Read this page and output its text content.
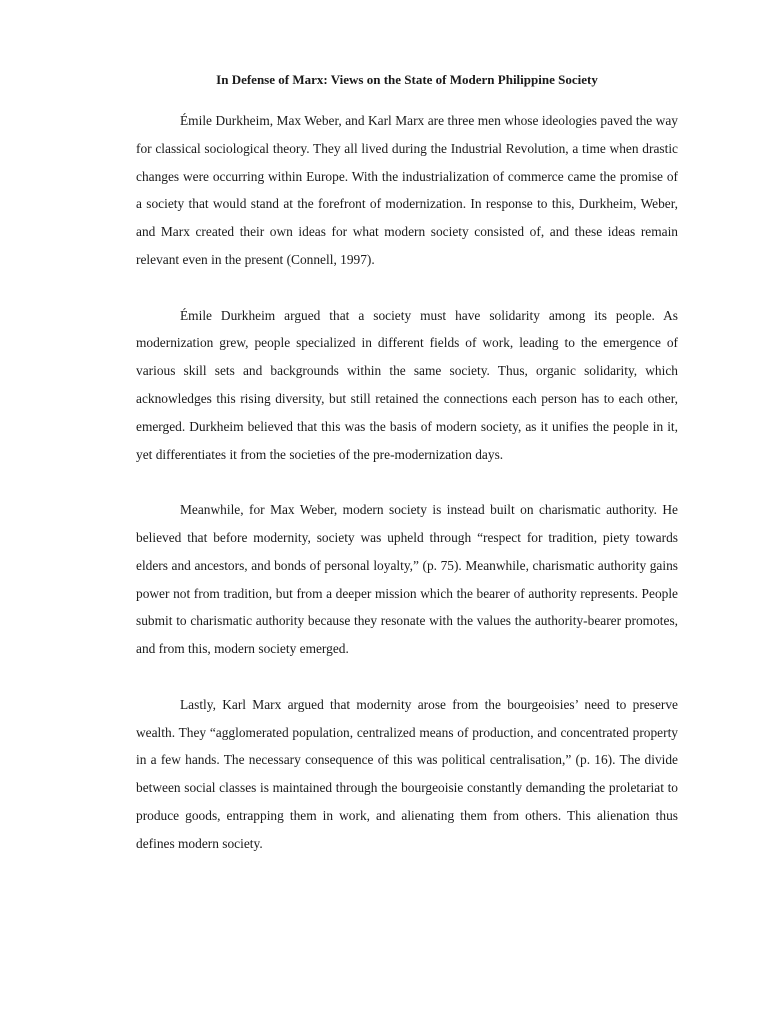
In Defense of Marx: Views on the State of Modern Philippine Society

Émile Durkheim, Max Weber, and Karl Marx are three men whose ideologies paved the way for classical sociological theory. They all lived during the Industrial Revolution, a time when drastic changes were occurring within Europe. With the industrialization of commerce came the promise of a society that would stand at the forefront of modernization. In response to this, Durkheim, Weber, and Marx created their own ideas for what modern society consisted of, and these ideas remain relevant even in the present (Connell, 1997).

Émile Durkheim argued that a society must have solidarity among its people. As modernization grew, people specialized in different fields of work, leading to the emergence of various skill sets and backgrounds within the same society. Thus, organic solidarity, which acknowledges this rising diversity, but still retained the connections each person has to each other, emerged. Durkheim believed that this was the basis of modern society, as it unifies the people in it, yet differentiates it from the societies of the pre-modernization days.

Meanwhile, for Max Weber, modern society is instead built on charismatic authority. He believed that before modernity, society was upheld through “respect for tradition, piety towards elders and ancestors, and bonds of personal loyalty,” (p. 75). Meanwhile, charismatic authority gains power not from tradition, but from a deeper mission which the bearer of authority represents. People submit to charismatic authority because they resonate with the values the authority-bearer promotes, and from this, modern society emerged.

Lastly, Karl Marx argued that modernity arose from the bourgeoisies’ need to preserve wealth. They “agglomerated population, centralized means of production, and concentrated property in a few hands. The necessary consequence of this was political centralisation,” (p. 16). The divide between social classes is maintained through the bourgeoisie constantly demanding the proletariat to produce goods, entrapping them in work, and alienating them from others. This alienation thus defines modern society.
